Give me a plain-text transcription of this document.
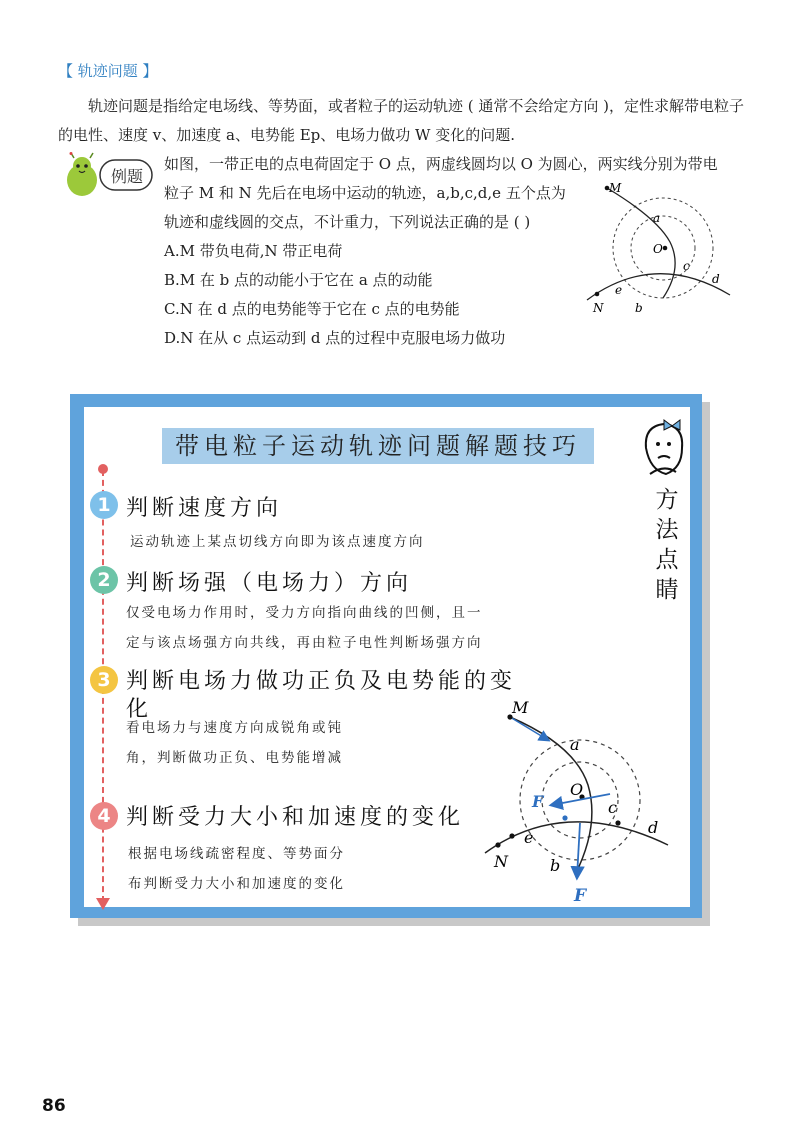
【 轨迹问题 】
轨迹问题是指给定电场线、等势面，或者粒子的运动轨迹 ( 通常不会给定方向 )，定性求解带电粒子的电性、速度 v、加速度 a、电势能 Ep、电场力做功 W 变化的问题.
例题
如图，一带正电的点电荷固定于 O 点，两虚线圆均以 O 为圆心，两实线分别为带电
粒子 M 和 N 先后在电场中运动的轨迹，a,b,c,d,e 五个点为
轨迹和虚线圆的交点，不计重力，下列说法正确的是 ( )
A.M 带负电荷,N 带正电荷
B.M 在 b 点的动能小于它在 a 点的动能
C.N 在 d 点的电势能等于它在 c 点的电势能
D.N 在从 c 点运动到 d 点的过程中克服电场力做功
M
a
O
c
d
e
b
N
带电粒子运动轨迹问题解题技巧
方
法
点
睛
1 判断速度方向
运动轨迹上某点切线方向即为该点速度方向
2 判断场强（电场力）方向
仅受电场力作用时，受力方向指向曲线的凹侧，且一
定与该点场强方向共线，再由粒子电性判断场强方向
3 判断电场力做功正负及电势能的变
化
看电场力与速度方向成锐角或钝
角，判断做功正负、电势能增减
4 判断受力大小和加速度的变化
根据电场线疏密程度、等势面分
布判断受力大小和加速度的变化
M
a
O
F	c
d
e
b
N
F
86
